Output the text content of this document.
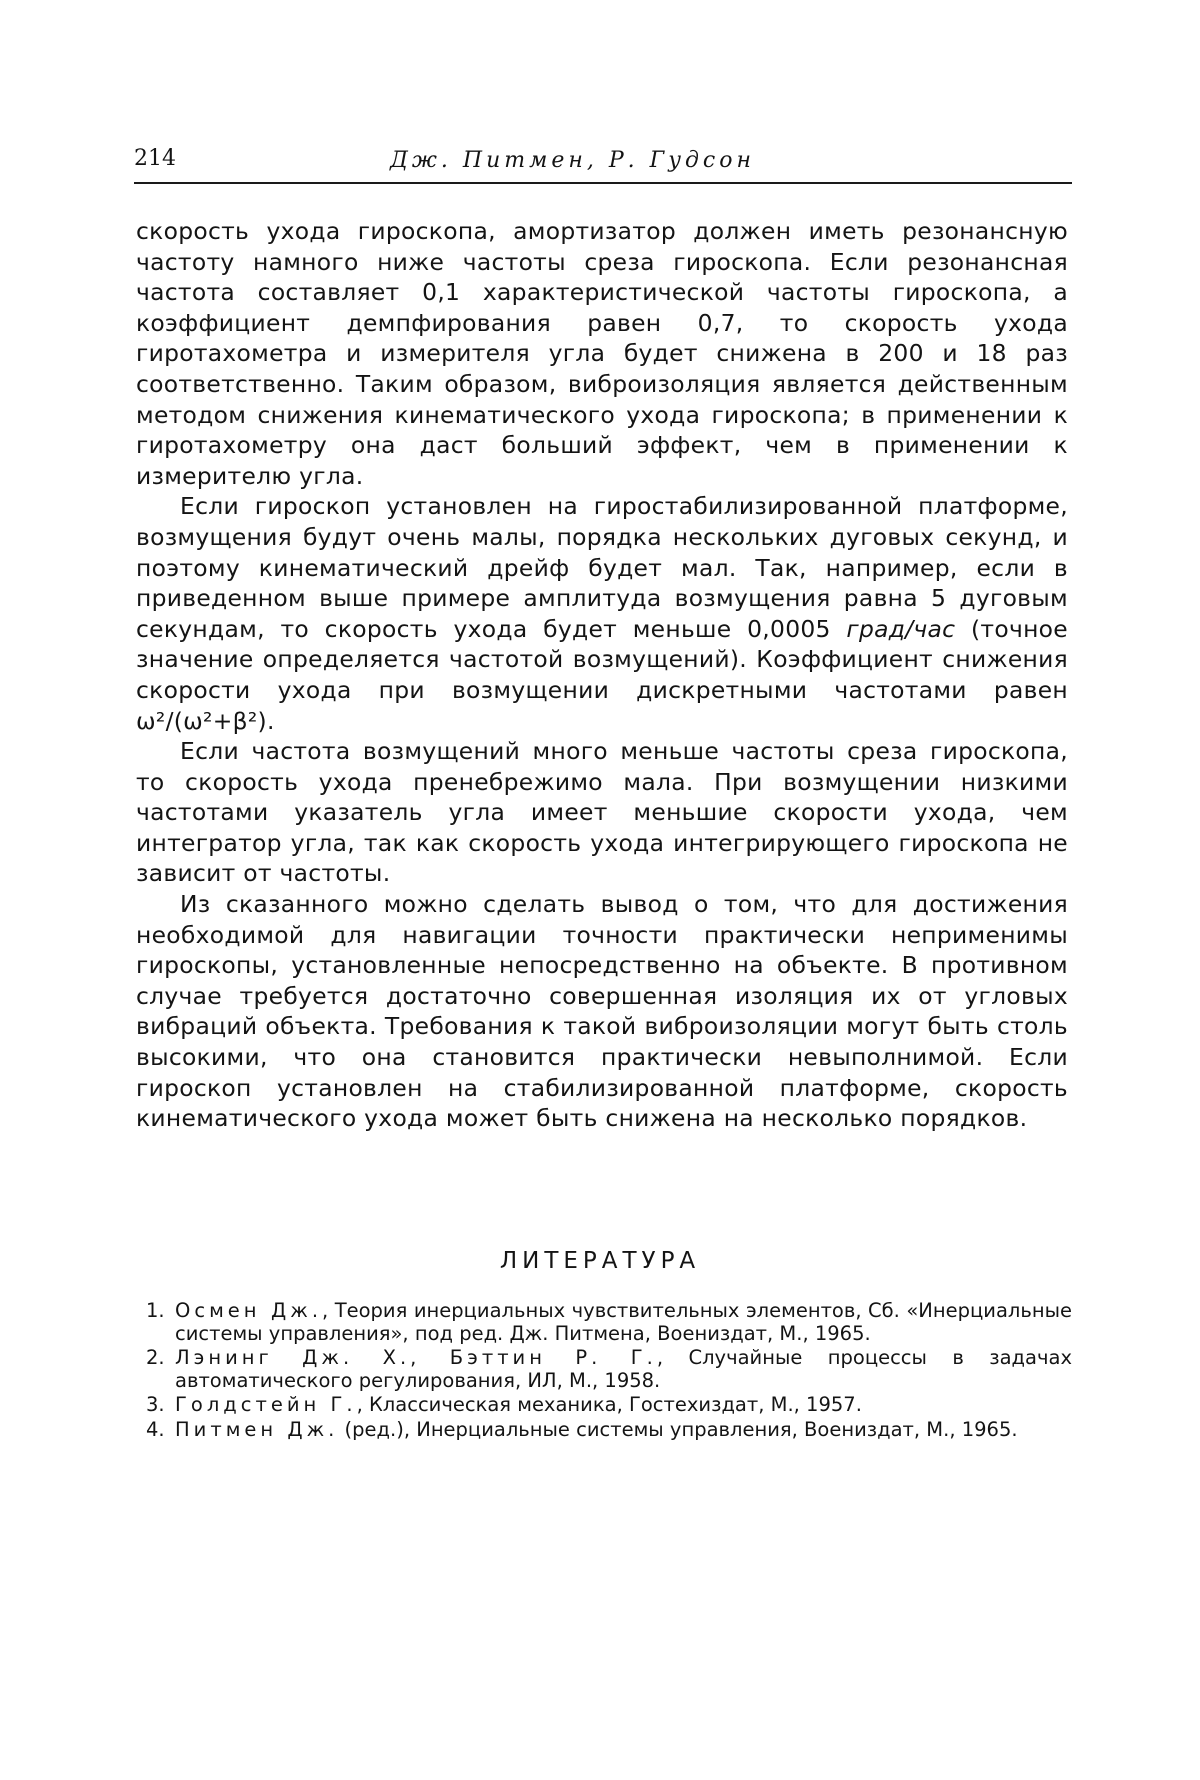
214	Дж. Питмен, Р. Гудсон

скорость ухода гироскопа, амортизатор должен иметь резонансную частоту намного ниже частоты среза гироскопа. Если резонансная частота составляет 0,1 характеристической частоты гироскопа, а коэффициент демпфирования равен 0,7, то скорость ухода гиротахометра и измерителя угла будет снижена в 200 и 18 раз соответственно. Таким образом, виброизоляция является действенным методом снижения кинематического ухода гироскопа; в применении к гиротахометру она даст больший эффект, чем в применении к измерителю угла.

Если гироскоп установлен на гиростабилизированной платформе, возмущения будут очень малы, порядка нескольких дуговых секунд, и поэтому кинематический дрейф будет мал. Так, например, если в приведенном выше примере амплитуда возмущения равна 5 дуговым секундам, то скорость ухода будет меньше 0,0005 град/час (точное значение определяется частотой возмущений). Коэффициент снижения скорости ухода при возмущении дискретными частотами равен ω²/(ω²+β²).

Если частота возмущений много меньше частоты среза гироскопа, то скорость ухода пренебрежимо мала. При возмущении низкими частотами указатель угла имеет меньшие скорости ухода, чем интегратор угла, так как скорость ухода интегрирующего гироскопа не зависит от частоты.

Из сказанного можно сделать вывод о том, что для достижения необходимой для навигации точности практически неприменимы гироскопы, установленные непосредственно на объекте. В противном случае требуется достаточно совершенная изоляция их от угловых вибраций объекта. Требования к такой виброизоляции могут быть столь высокими, что она становится практически невыполнимой. Если гироскоп установлен на стабилизированной платформе, скорость кинематического ухода может быть снижена на несколько порядков.

ЛИТЕРАТУРА
1. Осмен Дж., Теория инерциальных чувствительных элементов, Сб. «Инерциальные системы управления», под ред. Дж. Питмена, Воениздат, М., 1965.
2. Лэнинг Дж. Х., Бэттин Р. Г., Случайные процессы в задачах автоматического регулирования, ИЛ, М., 1958.
3. Голдстейн Г., Классическая механика, Гостехиздат, М., 1957.
4. Питмен Дж. (ред.), Инерциальные системы управления, Воениздат, М., 1965.
